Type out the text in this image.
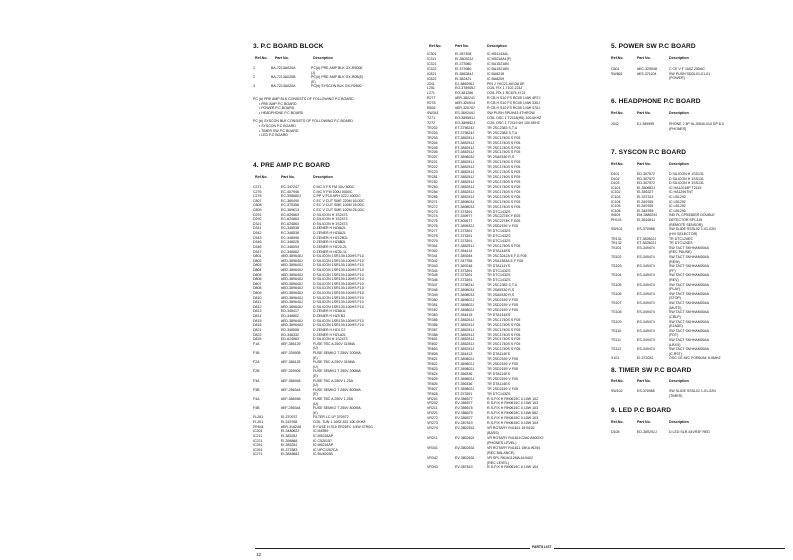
3. P.C BOARD BLOCK
Ref.No. Part No.	Description
1	BA-7213A020A	PC(#) PRE AMP BLK GX-R5000
(J)
2	BA-7213A020B	PC(#) PRE AMP BLK GX-R05(E)
(E)
3	BA-7213A020A	PC(#) SYSCON BLK GX-R0500
PC (#) PRE AMP BLK CONSISTS OF FOLLOWING P.C BOARD.
• PRE AMP P.C BOARD
• POWER P.C BOARD
• HEADPHONE P.C BOARD
PC (#) SYSCON BLK CONSISTS OF FOLLOWING P.C BOARD.
• SYSCON P.C BOARD
• TIMER SW P.C BOARD
• LED P.C BOARD
4. PRE AMP P.C BOARD
Ref.No.	Part No.	Description
C271	EC-347247	C MC V FS FM 10U 50DC
C276	EC-407946	C MC V FM 100U 0000C
C278	EC-398680J	C PP V P10 APH 022J 400DC
C807	EC-369490	C EC V CUT SME 220M 16.0DC
C808	EC-375356	C EC V CUT SME 100M 16.0DC
C809	EC-369613	C EC V CUT SME 102M 25.0DC
D291	EC-624863	D SILICON H 1S2473
D292	EC-624863	D SILICON H 1S2473
D321	EC-624863	D SILICON H 1S2473
D341	EC-348538	D ZENER H HZ8A2L
D342	EC-348538	D ZENER H HZ8A2L
D343	EC-348596	D ZENER H HZ12B2L
D346	EC-348025	D ZENER H HZ8B2L
D346	EC-348094	D ZENER H HZ20-2L
D347	EC-348062	D ZENER H HZ30-1L
D801	#ED-389640J	D SILICON 1SR139-100HS F10
D802	#ED-389640J	D SILICON 1SR139-100HS F10
D803	#ED-389640J	D SILICON 1SR139-100HS F10
D804	#ED-389640J	D SILICON 1SR139-100HS F10
D805	#ED-389640J	D SILICON 1SR139-100HS F10
D806	#ED-389640J	D SILICON 1SR139-100HS F10
D807	#ED-389640J	D SILICON 1SR139-100HS F10
D808	#ED-389640J	D SILICON 1SR139-100HS F10
D809	#ED-389640J	D SILICON 1SR139-100HS F10
D810	#ED-389640J	D SILICON 1SR139-100HS F10
D811	#ED-389640J	D SILICON 1SR139-100HS F10
D812	#ED-389640J	D SILICON 1SR139-100HS F10
D813	ED-345417	D ZENER H HZ8A1L
D814	ED-348802	D ZENER H HZ5 B3
D815	#ED-389640J	D SILICON 1SR139-100HS F10
D816	#ED-389640J	D SILICON 1SR139-100HS F10
D821	ED-348598	D ZENER H HZ4 C2
D822	ED-348332	D ZENER H HZ1A2L
D825	ED-624863	D SILICON H 1S2473
F1A	#EF-386125	FUSE TBC A 250V 315MA
(U)
F1B	#EF-339905	FUSE SEMKO T 250V 200MA
(E)
F2A	#EF-386125	FUSE TBC A 250V 315MA
(U)
F2B	#EF-339905	FUSE SEMKO T 250V 200MA
(E)
F3A	#EF-386948	FUSE TBC A 250V 1.25A
(U)
F3B	#EF-256344	FUSE SEMKO T 250V 800MA
(E)
F4A	#EF-386948	FUSE TBC A 250V 1.25A
(U)
F4B	#EF-256344	FUSE SEMKO T 250V 800MA
(E)
FL281	EI-370972	FILTER LC LP 370972
FL301	EI-315768	COIL TUN 1 100Z-431 100.0KHZ
FR541	#ER-316248	R FUSE H S10 ER25FC 1/4W 47R0G
IC201	EI-348062J	IC M4559
IC211	EI-38325J	IC M5218AP
IC221	EI-398868	IC C520157
IC251	EI-38325J	IC M5218AP
IC261	EI-373383	IC UPC1267CA
IC271	EI-384868J	IC BU4003B
Ref.No.	Part No.	Description
IC301	EI-357498	IC M51143AL
IC311	EI-380323J	IC M5218AL(F)
IC321	EI-373980	IC BA15218N
IC322	EI-373980	IC BA15218N
IC821	EI-386284J	IC BA6218
IC822	EI-382421	IC BA6209
J341	EJ-386096J	PIN J YKC21-6013A 6P
L251	EO-378905J	COIL FIX 1.7102 223J
L271	EO-381266	COIL FIX 1 RC875 472J
R277	#ER-380241	R CB H S10 FS RC05 1/4W 4R7J
R278	#ER-320514	R CB H S10 FS RC05 1/4W 330J
R826	#ER-320787	R CB H S10 FS RC05 1/4W 470J
SW341	ES-369244J	SW PUSH SPUH43 4THROW
T271	EO-389551J	COIL OSC 1 T2118(H6) 100.0KHZ
T272	EO-389852J	COIL OSC 1 T2119 6H 100.0KHZ
TR202	ET-379824J	TR 2SC2383 S,T,U
TR203	ET-379824J	TR 2SC2383 S,T,U
TR203	ET-385251J	TR 2SC1740S S F05
TR204	ET-385251J	TR 2SC1740S S F05
TR205	ET-385251J	TR 2SC1740S S F05
TR206	ET-385251J	TR 2SC1740S S F05
TR207	ET-389803J	TR 2SA9330 R,S
TR221	ET-385251J	TR 2SC1740S S F05
TR222	ET-385251J	TR 2SC1740S S F05
TR223	ET-385251J	TR 2SC1740S S F05
TR251	ET-385251J	TR 2SC1740S S F05
TR252	ET-385251J	TR 2SC1740S S F05
TR253	ET-385251J	TR 2SC1740S S F05
TR254	ET-385251J	TR 2SC1740S S F05
TR255	ET-385251J	TR 2SC1740S S F05
TR271	ET-389803J	TR 2SC1740S S F05
TR272	ET-389803J	TR 2SC1740S S F05
TR273	ET-373391	TR DTC143ZS
TR274	ET-339977	TR 2SC2274K F E05
TR275	ET-305977	TR 2SC2274K F E05
TR276	ET-389532J	TR 2SD2159 V F05
TR277	ET-373391	TR DTC143ZS
TR278	ET-373391	TR DTC143ZS
TR279	ET-373391	TR DTC143ZS
TR301	ET-385251J	TR 2SC1740S S F05
TR302	ET-354414	TR DTA144ES
TR341	ET-389284	TR 2SC3242A E,F,G F05
TR342	ET-347758	TR 2SA1383A E,F F05
TR343	ET-369248	TR DTA114YS
TR344	ET-373391	TR DTC143ZS
TR345	ET-373391	TR DTC143ZS
TR346	ET-373391	TR DTC143ZS
TR347	ET-379824J	TR 2SC2383 S,T,U
TR348	ET-389803J	TR 2SA9330 R,S
TR349	ET-389803J	TR 2SA9330 R,S
TR350	ET-389802J	TR 2SD2159 V F05
TR351	ET-389802J	TR 2SD2159 V F05
TR352	ET-389802J	TR 2SD2159 V F05
TR353	ET-354415	TR DTA144ES
TR355	ET-385251J	TR 2SC1740S S F05
TR356	ET-385251J	TR 2SC1740S S F05
TR357	ET-385251J	TR 2SC1740S S F05
TR358	ET-385251J	TR 2SC1740S S F05
TR801	ET-385251J	TR 2SC1740S S F05
TR802	ET-385251J	TR 2SC1740S S F05
TR803	ET-385251J	TR 2SC1740S S F05
TR805	ET-354413	TR DTA114ES
TR821	ET-389802J	TR 2SD2159 V F05
TR822	ET-389802J	TR 2SD2159 V F05
TR823	ET-389802J	TR 2SD2159 V F05
TR824	ET-356336	TR DTA114ES
TR825	ET-389802J	TR 2SD2159 V F05
TR826	ET-356336	TR DTA114ES
TR827	ET-389802J	TR 2SD2159 V F05
TR828	ET-373391	TR DTC143ZS
VR201	EV-356577	R-S-FIX H RH0615C 0.10W 102
VR202	EV-356577	R-S-FIX H RH0615C 0.10W 103
VR211	EV-356678	R-S-FIX H RH0615C 0.10W 103
VR221	EV-356679	R-S-FIX H RH0615C 0.10W 682
VR272	EV-356577	R-S-FIX H RH0615C 0.10W 103
VR273	EV-357819	R-S-FIX H RH0615C 0.10W 104
VR274	EV-380254J	VR ROTARY R41611 15 B102
(BASS)
VR211	EV-380262J	VR ROTARY R41611C2A0 A50OX2
(PHONES LEVEL)
VR341	EV-380263J	VR ROTARY R41611 15KA W254
(REC BALANCE)
VR342	EV-380263J	VR SPL R616112MA A104X2
(REC LEVEL)
VR343	EV-357819	R-S-FIX H RH0615C 0.10W 104
5. POWER SW P.C BOARD
Ref.No.	Part No.	Description
C801	#EC-329548	C CE V F 100Z 250AC
SW801	#ES-371104	SW PUSH SDDL01-01-01
(POWER)
6. HEADPHONE P.C BOARD
Ref.No.	Part No.	Description
J342	EJ-389995	PHONE J 3P HLJ0540-010 DP 6.3
(PHONES)
7. SYSCON P.C BOARD
Ref.No.	Part No.	Description
D101	ED-307572	D SILICON H 1SS131
D102	ED-307572	D SILICON H 1SS131
D103	ED-307572	D SILICON H 1SS131
IC101	EI-350652J	IC HA12018P T2119
IC102	EI-356327	IC HA12967NT
IC103	EI-337313	IC LB1290
IC104	EI-349765	IC LB1292
IC105	EI-349765	IC LB1292
IC106	EI-348765	IC LB1290
IN101	EM-388929J	IND FL CP5338GR DOUBLE
PH101	EI-361651J	DETECTOR SPI-315
(REMOTE SENSOR)
SW101	ES-370985	SW SLIDE SSSL02 1-01-02N
(H/V SELECTOR)
TR131	ET-382502J	TR DTC124ES
TR132	ET-382502J	TR DTC124ES
TS101	ES-349474	SW TACT SKHHAM004A
(REC PAUSE)
TS102	ES-349474	SW TACT SKHHAM004A
(REW)
TS103	ES-349474	SW TACT SKHHAM004A
(FF)
TS104	ES-349474	SW TACT SKHHAM004A
(REV)
TS105	ES-349474	SW TACT SKHHAM004A
(PLAY)
TS106	ES-349474	SW TACT SKHHAM004A
(STOP)
TS107	ES-349474	SW TACT SKHHAM004A
(MUTE)
TS108	ES-349474	SW TACT SKHHAM004A
(CRLP)
TS109	ES-349474	SW TACT SKHHAM004A
(EJADE)
TS110	ES-349474	SW TACT SKHHAM004A
(FDT)
TS111	ES-349474	SW TACT SKHHAM004A
(LBXX)
TS112	ES-349474	SW TACT SKHHAM004A
(C.RST)
X101	EI-372031	OSC CE M/C FOR6UM: 6.0MHZ
8. TIMER SW P.C BOARD
Ref.No.	Part No.	Description
SW102	ES-370985	SW SLIDE SSSL02 1-01-02N
(TIMER)
9. LED P.C BOARD
Ref.No.	Part No.	Description
D108	ED-389292J	D LED SLR-54VR3F RED
PARTS LIST
12
